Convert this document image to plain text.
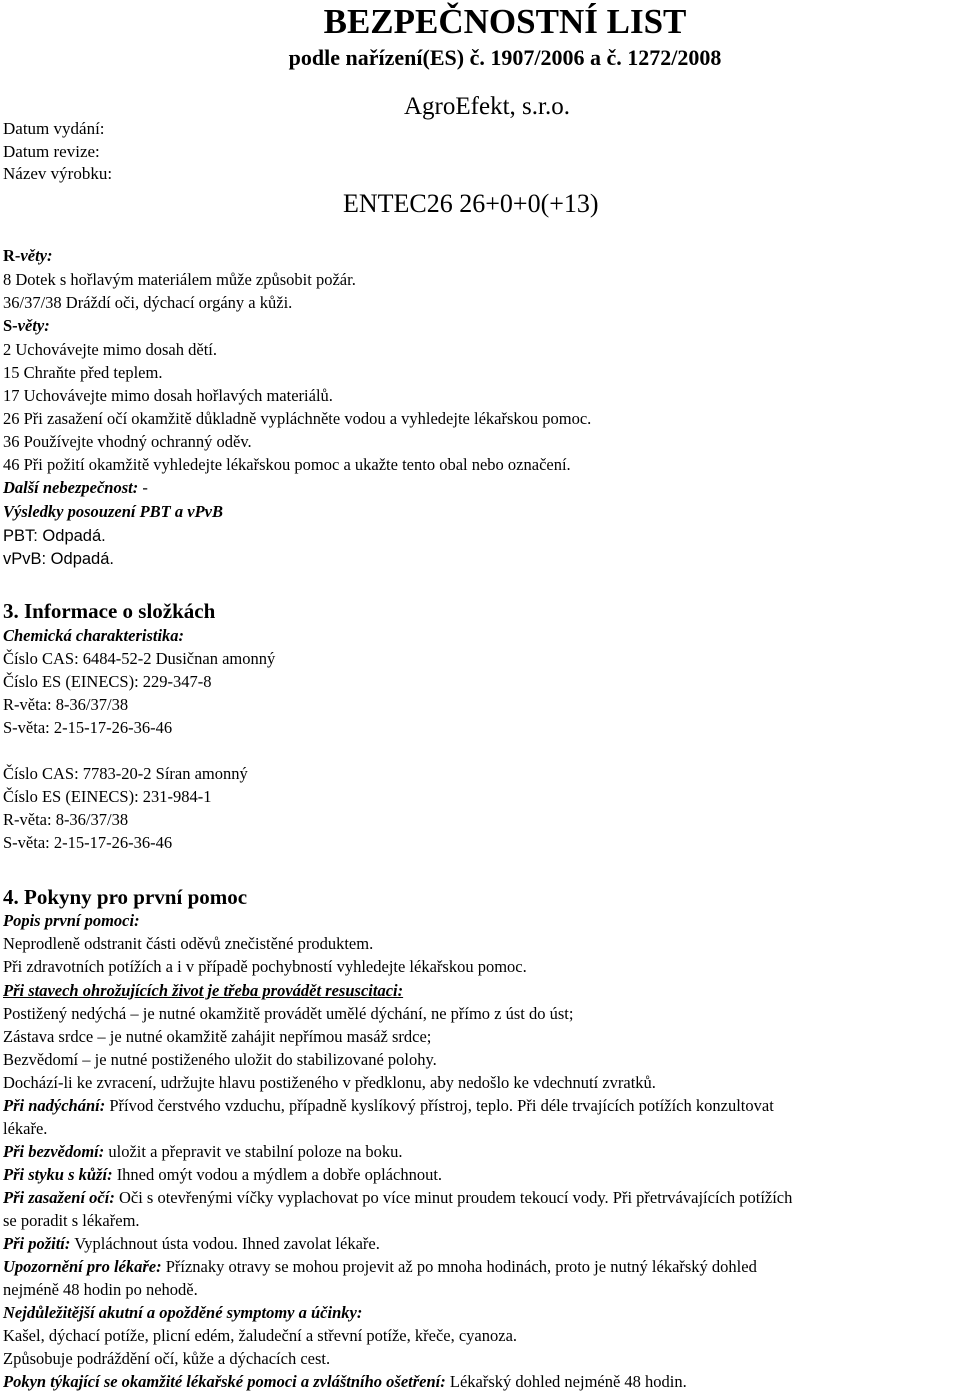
BEZPEČNOSTNÍ LIST
podle nařízení(ES) č. 1907/2006 a č. 1272/2008
AgroEfekt, s.r.o.
Datum vydání:
Datum revize:
Název výrobku:
ENTEC26 26+0+0(+13)
R-věty:
8 Dotek s hořlavým materiálem může způsobit požár.
36/37/38 Dráždí oči, dýchací orgány a kůži.
S-věty:
2 Uchovávejte mimo dosah dětí.
15 Chraňte před teplem.
17 Uchovávejte mimo dosah hořlavých materiálů.
26 Při zasažení očí okamžitě důkladně vypláchněte vodou a vyhledejte lékařskou pomoc.
36 Používejte vhodný ochranný oděv.
46 Při požití okamžitě vyhledejte lékařskou pomoc a ukažte tento obal nebo označení.
Další nebezpečnost: -
Výsledky posouzení PBT a vPvB
PBT: Odpadá.
vPvB: Odpadá.
3. Informace o složkách
Chemická charakteristika:
Číslo CAS: 6484-52-2 Dusičnan amonný
Číslo ES (EINECS): 229-347-8
R-věta: 8-36/37/38
S-věta: 2-15-17-26-36-46
Číslo CAS: 7783-20-2 Síran amonný
Číslo ES (EINECS): 231-984-1
R-věta: 8-36/37/38
S-věta: 2-15-17-26-36-46
4. Pokyny pro první pomoc
Popis první pomoci:
Neprodleně odstranit části oděvů znečistěné produktem.
Při zdravotních potížích a i v případě pochybností vyhledejte lékařskou pomoc.
Při stavech ohrožujících život je třeba provádět resuscitaci:
Postižený nedýchá – je nutné okamžitě provádět umělé dýchání, ne přímo z úst do úst;
Zástava srdce – je nutné okamžitě zahájit nepřímou masáž srdce;
Bezvědomí – je nutné postiženého uložit do stabilizované polohy.
Dochází-li ke zvracení, udržujte hlavu postiženého v předklonu, aby nedošlo ke vdechnutí zvratků.
Při nadýchání: Přívod čerstvého vzduchu, případně kyslíkový přístroj, teplo. Při déle trvajících potížích konzultovat
lékaře.
Při bezvědomí: uložit a přepravit ve stabilní poloze na boku.
Při styku s kůží: Ihned omýt vodou a mýdlem a dobře opláchnout.
Při zasažení očí: Oči s otevřenými víčky vyplachovat po více minut proudem tekoucí vody. Při přetrvávajících potížích
se poradit s lékařem.
Při požití: Vypláchnout ústa vodou. Ihned zavolat lékaře.
Upozornění pro lékaře: Příznaky otravy se mohou projevit až po mnoha hodinách, proto je nutný lékařský dohled
nejméně 48 hodin po nehodě.
Nejdůležitější akutní a opožděné symptomy a účinky:
Kašel, dýchací potíže, plicní edém, žaludeční a střevní potíže, křeče, cyanoza.
Způsobuje podráždění očí, kůže a dýchacích cest.
Pokyn týkající se okamžité lékařské pomoci a zvláštního ošetření: Lékařský dohled nejméně 48 hodin.
